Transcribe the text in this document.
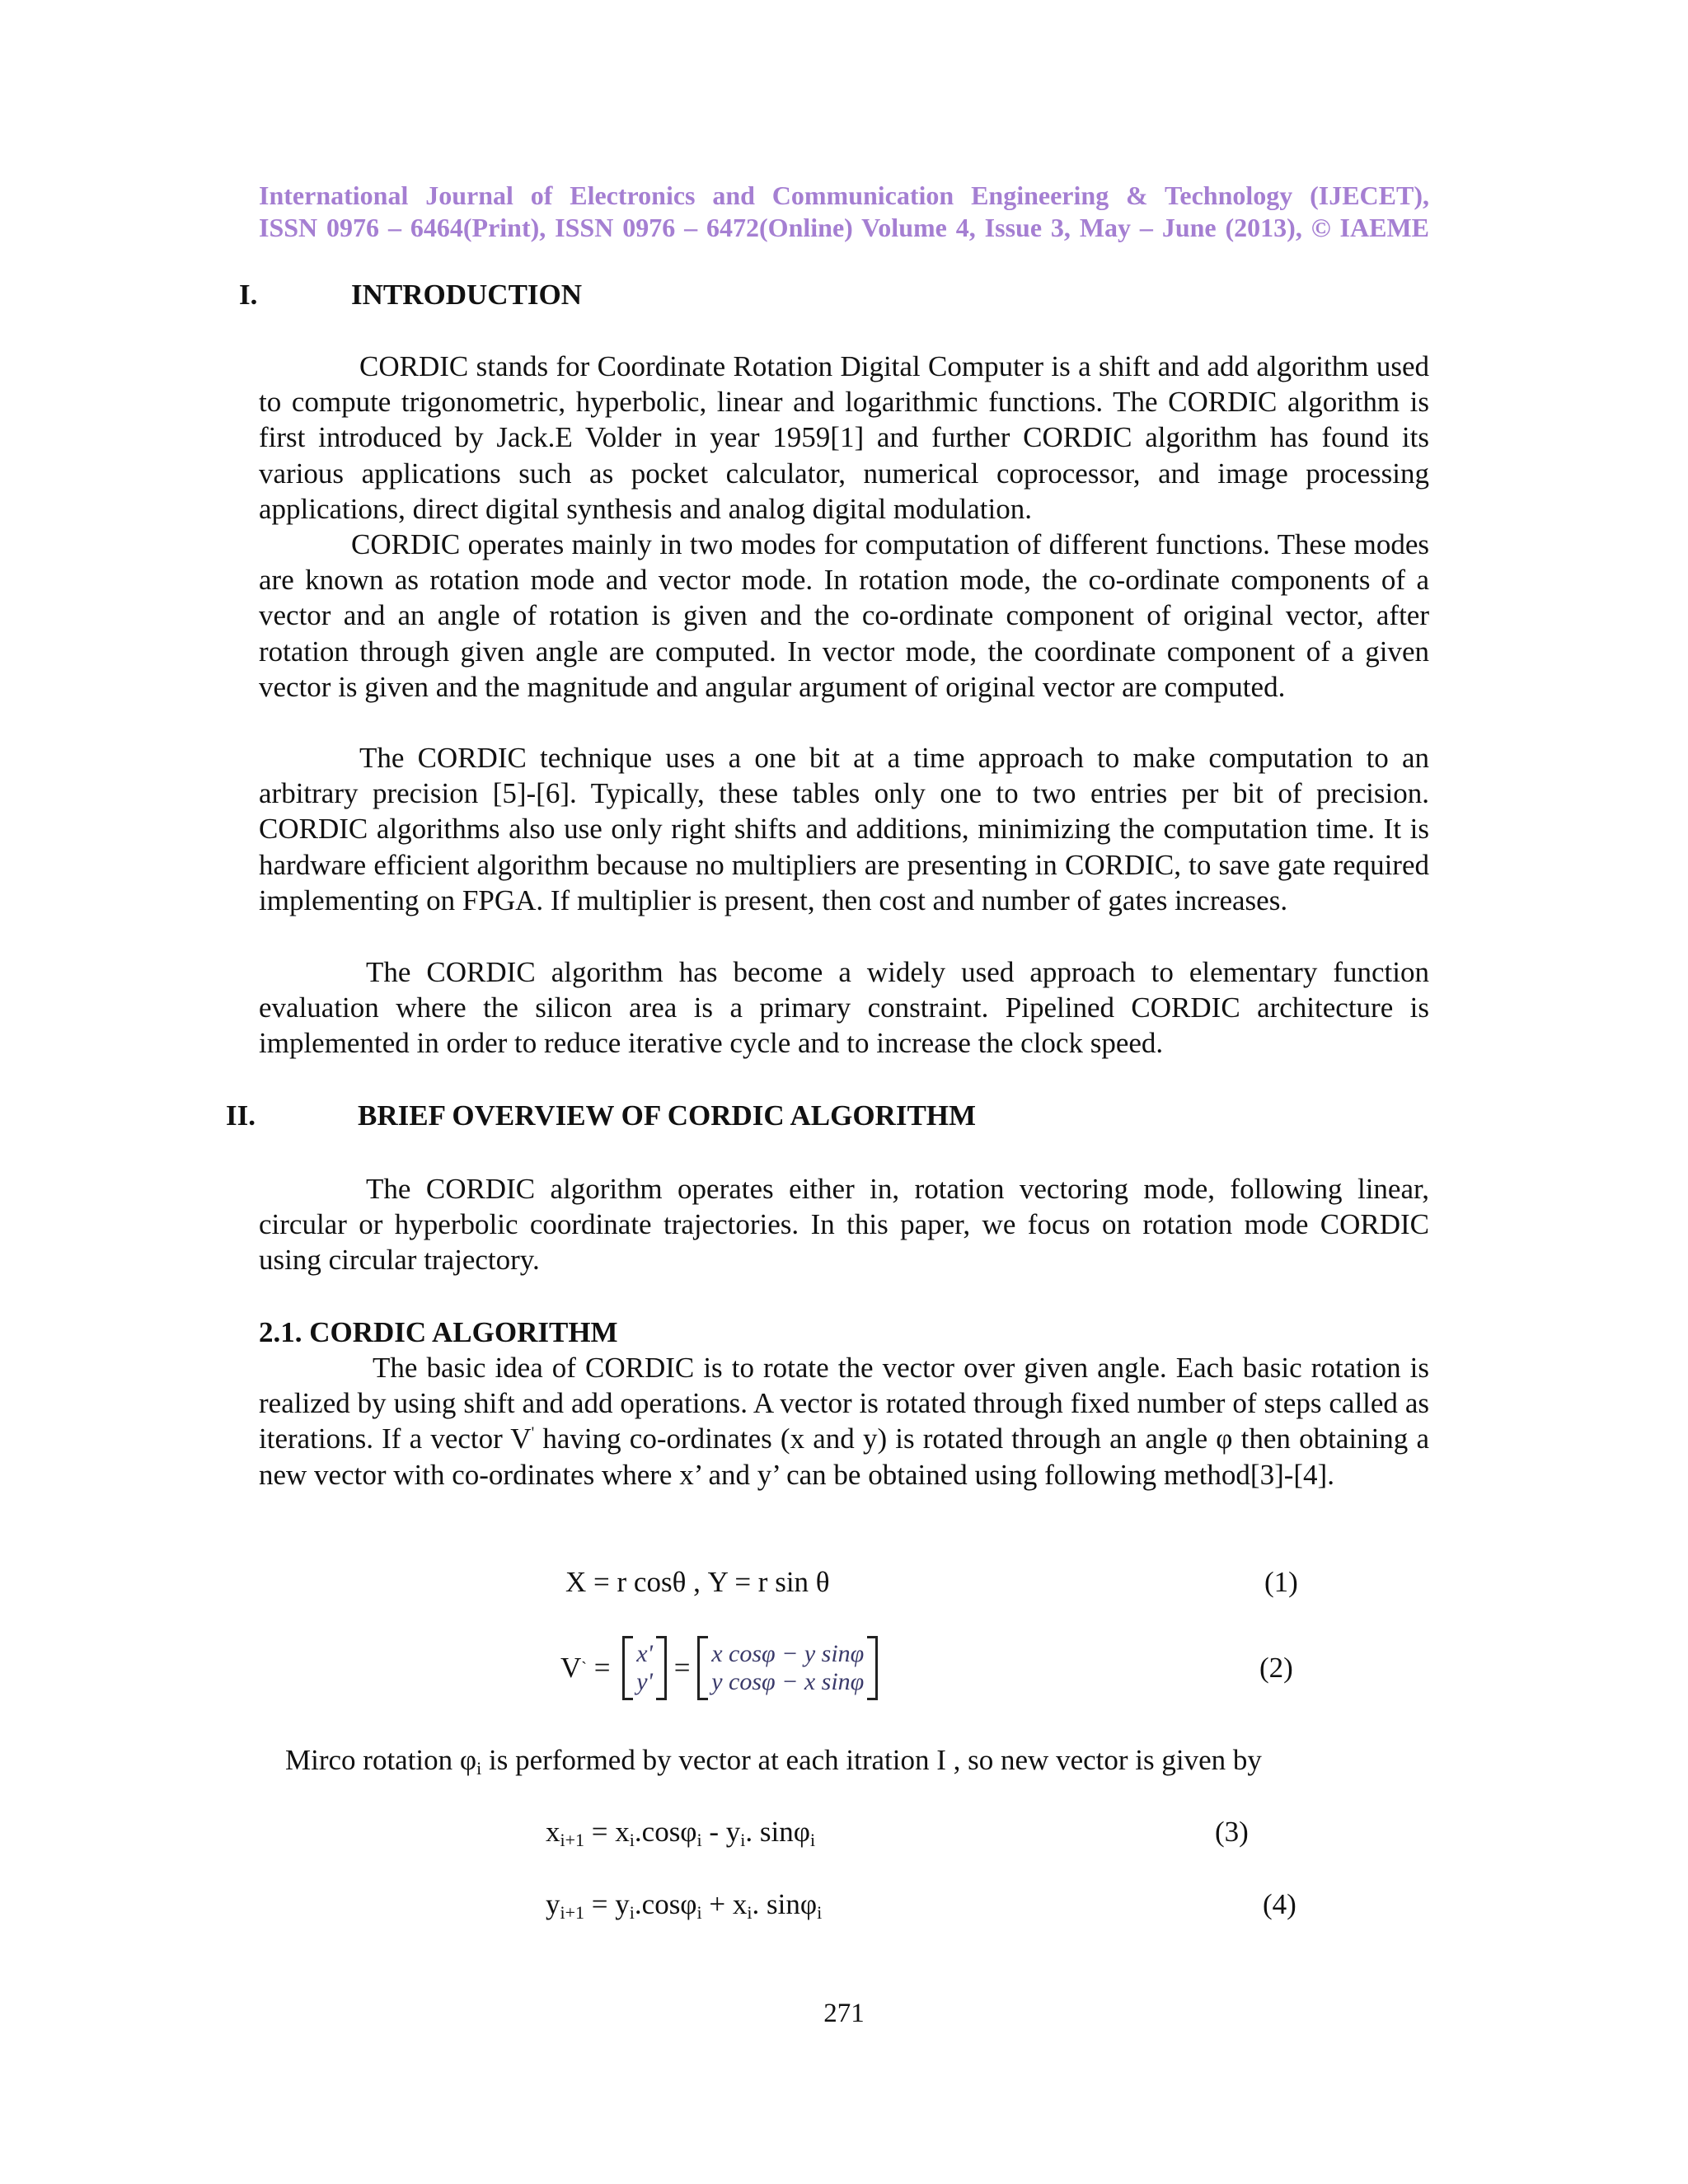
International Journal of Electronics and Communication Engineering & Technology (IJECET),
ISSN 0976 – 6464(Print), ISSN 0976 – 6472(Online) Volume 4, Issue 3, May – June (2013), © IAEME
I.	INTRODUCTION
CORDIC stands for Coordinate Rotation Digital Computer is a shift and add algorithm used to compute trigonometric, hyperbolic, linear and logarithmic functions. The CORDIC algorithm is first introduced by Jack.E Volder in year 1959[1] and further CORDIC algorithm has found its various applications such as pocket calculator, numerical coprocessor, and image processing applications, direct digital synthesis and analog digital modulation.
CORDIC operates mainly in two modes for computation of different functions. These modes are known as rotation mode and vector mode. In rotation mode, the co-ordinate components of a vector and an angle of rotation is given and the co-ordinate component of original vector, after rotation through given angle are computed. In vector mode, the coordinate component of a given vector is given and the magnitude and angular argument of original vector are computed.
The CORDIC technique uses a one bit at a time approach to make computation to an arbitrary precision [5]-[6]. Typically, these tables only one to two entries per bit of precision. CORDIC algorithms also use only right shifts and additions, minimizing the computation time. It is hardware efficient algorithm because no multipliers are presenting in CORDIC, to save gate required implementing on FPGA. If multiplier is present, then cost and number of gates increases.
The CORDIC algorithm has become a widely used approach to elementary function evaluation where the silicon area is a primary constraint. Pipelined CORDIC architecture is implemented in order to reduce iterative cycle and to increase the clock speed.
II.	BRIEF OVERVIEW OF CORDIC ALGORITHM
The CORDIC algorithm operates either in, rotation vectoring mode, following linear, circular or hyperbolic coordinate trajectories. In this paper, we focus on rotation mode CORDIC using circular trajectory.
2.1. CORDIC ALGORITHM
The basic idea of CORDIC is to rotate the vector over given angle. Each basic rotation is realized by using shift and add operations. A vector is rotated through fixed number of steps called as iterations. If a vector V' having co-ordinates (x and y) is rotated through an angle φ then obtaining a new vector with co-ordinates where x’ and y’ can be obtained using following method[3]-[4].
X = r cosθ , Y = r sin θ	(1)
V ` = x'
y' = x cosφ − y sinφ
y cosφ − x sinφ	(2)
Mirco rotation $\varphi_i$ is performed by vector at each itration I , so new vector is given by
$x_{i+1} = x_i.\cos\varphi_i - y_i$. sinφ$_i$	(3)
$y_{i+1} = y_i.\cos\varphi_i + x_i$. sinφ$_i$	(4)
271
